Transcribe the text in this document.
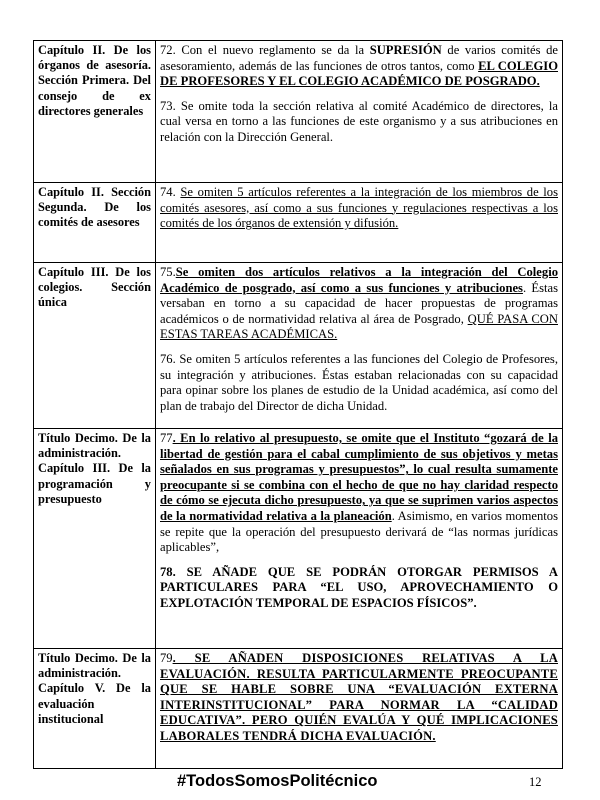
Capítulo II. De los órganos de asesoría. Sección Primera. Del consejo de ex directores generales	72. Con el nuevo reglamento se da la SUPRESIÓN de varios comités de asesoramiento, además de las funciones de otros tantos, como EL COLEGIO DE PROFESORES Y EL COLEGIO ACADÉMICO DE POSGRADO.

73. Se omite toda la sección relativa al comité Académico de directores, la cual versa en torno a las funciones de este organismo y a sus atribuciones en relación con la Dirección General.

Capítulo II. Sección Segunda. De los comités de asesores	74. Se omiten 5 artículos referentes a la integración de los miembros de los comités asesores, así como a sus funciones y regulaciones respectivas a los comités de los órganos de extensión y difusión.

Capítulo III. De los colegios. Sección única	75.Se omiten dos artículos relativos a la integración del Colegio Académico de posgrado, así como a sus funciones y atribuciones. Éstas versaban en torno a su capacidad de hacer propuestas de programas académicos o de normatividad relativa al área de Posgrado, QUÉ PASA CON ESTAS TAREAS ACADÉMICAS.

76. Se omiten 5 artículos referentes a las funciones del Colegio de Profesores, su integración y atribuciones. Éstas estaban relacionadas con su capacidad para opinar sobre los planes de estudio de la Unidad académica, así como del plan de trabajo del Director de dicha Unidad.

Título Decimo. De la administración. Capítulo III. De la programación y presupuesto	77. En lo relativo al presupuesto, se omite que el Instituto “gozará de la libertad de gestión para el cabal cumplimiento de sus objetivos y metas señalados en sus programas y presupuestos”, lo cual resulta sumamente preocupante si se combina con el hecho de que no hay claridad respecto de cómo se ejecuta dicho presupuesto, ya que se suprimen varios aspectos de la normatividad relativa a la planeación. Asimismo, en varios momentos se repite que la operación del presupuesto derivará de “las normas jurídicas aplicables”,

78. SE AÑADE QUE SE PODRÁN OTORGAR PERMISOS A PARTICULARES PARA “EL USO, APROVECHAMIENTO O EXPLOTACIÓN TEMPORAL DE ESPACIOS FÍSICOS”.

Título Decimo. De la administración. Capítulo V. De la evaluación institucional	79. SE AÑADEN DISPOSICIONES RELATIVAS A LA EVALUACIÓN. RESULTA PARTICULARMENTE PREOCUPANTE QUE SE HABLE SOBRE UNA “EVALUACIÓN EXTERNA INTERINSTITUCIONAL” PARA NORMAR LA “CALIDAD EDUCATIVA”. PERO QUIÉN EVALÚA Y QUÉ IMPLICACIONES LABORALES TENDRÁ DICHA EVALUACIÓN.

#TodosSomosPolitécnico	12
